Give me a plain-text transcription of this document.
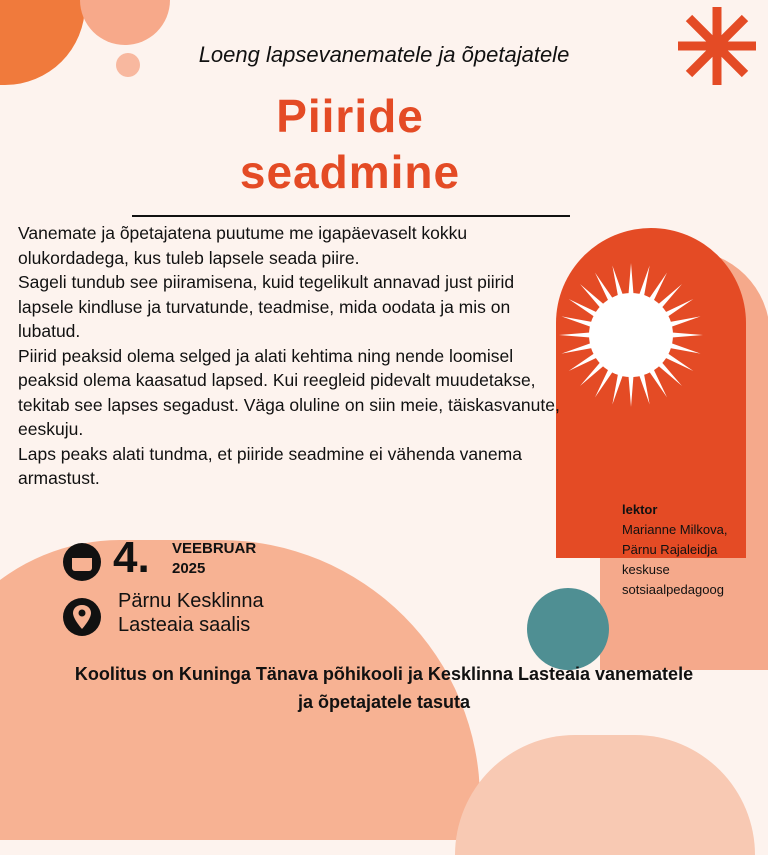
Loeng lapsevanematele ja õpetajatele
Piiride
seadmine

Vanemate ja õpetajatena puutume me igapäevaselt kokku olukordadega, kus tuleb lapsele seada piire.

Sageli tundub see piiramisena, kuid tegelikult annavad just piirid lapsele kindluse ja turvatunde, teadmise, mida oodata ja mis on lubatud.

Piirid peaksid olema selged ja alati kehtima ning nende loomisel peaksid olema kaasatud lapsed. Kui reegleid pidevalt muudetakse, tekitab see lapses segadust. Väga oluline on siin meie, täiskasvanute, eeskuju.

Laps peaks alati tundma, et piiride seadmine ei vähenda vanema armastust.

lektor
Marianne Milkova,
Pärnu Rajaleidja
keskuse
sotsiaalpedagoog
4. VEEBRUAR
2025
Pärnu Kesklinna
Lasteaia saalis
Koolitus on Kuninga Tänava põhikooli ja Kesklinna Lasteaia vanematele
ja õpetajatele tasuta
